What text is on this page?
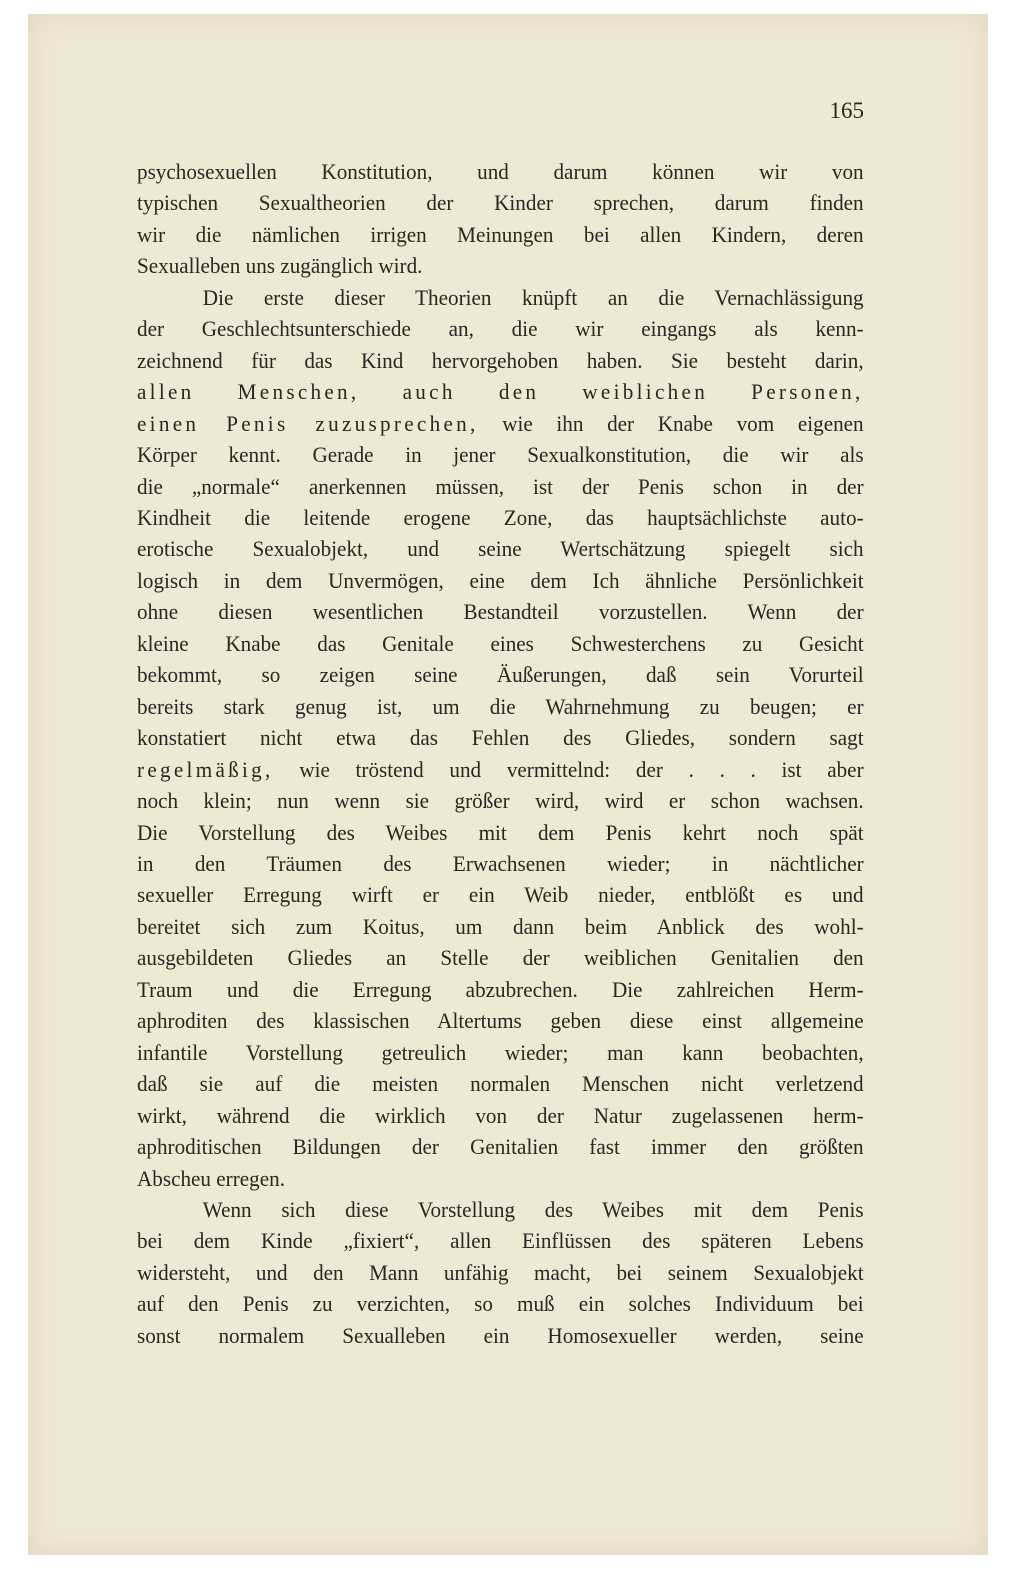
165
psychosexuellen Konstitution, und darum können wir von
typischen Sexualtheorien der Kinder sprechen, darum finden
wir die nämlichen irrigen Meinungen bei allen Kindern, deren
Sexualleben uns zugänglich wird.
Die erste dieser Theorien knüpft an die Vernachlässigung
der Geschlechtsunterschiede an, die wir eingangs als kenn-
zeichnend für das Kind hervorgehoben haben. Sie besteht darin,
allen Menschen, auch den weiblichen Personen,
einen Penis zuzusprechen, wie ihn der Knabe vom eigenen
Körper kennt. Gerade in jener Sexualkonstitution, die wir als
die „normale“ anerkennen müssen, ist der Penis schon in der
Kindheit die leitende erogene Zone, das hauptsächlichste auto-
erotische Sexualobjekt, und seine Wertschätzung spiegelt sich
logisch in dem Unvermögen, eine dem Ich ähnliche Persönlichkeit
ohne diesen wesentlichen Bestandteil vorzustellen. Wenn der
kleine Knabe das Genitale eines Schwesterchens zu Gesicht
bekommt, so zeigen seine Äußerungen, daß sein Vorurteil
bereits stark genug ist, um die Wahrnehmung zu beugen; er
konstatiert nicht etwa das Fehlen des Gliedes, sondern sagt
regelmäßig, wie tröstend und vermittelnd: der . . . ist aber
noch klein; nun wenn sie größer wird, wird er schon wachsen.
Die Vorstellung des Weibes mit dem Penis kehrt noch spät
in den Träumen des Erwachsenen wieder; in nächtlicher
sexueller Erregung wirft er ein Weib nieder, entblößt es und
bereitet sich zum Koitus, um dann beim Anblick des wohl-
ausgebildeten Gliedes an Stelle der weiblichen Genitalien den
Traum und die Erregung abzubrechen. Die zahlreichen Herm-
aphroditen des klassischen Altertums geben diese einst allgemeine
infantile Vorstellung getreulich wieder; man kann beobachten,
daß sie auf die meisten normalen Menschen nicht verletzend
wirkt, während die wirklich von der Natur zugelassenen herm-
aphroditischen Bildungen der Genitalien fast immer den größten
Abscheu erregen.
Wenn sich diese Vorstellung des Weibes mit dem Penis
bei dem Kinde „fixiert“, allen Einflüssen des späteren Lebens
widersteht, und den Mann unfähig macht, bei seinem Sexualobjekt
auf den Penis zu verzichten, so muß ein solches Individuum bei
sonst normalem Sexualleben ein Homosexueller werden, seine
